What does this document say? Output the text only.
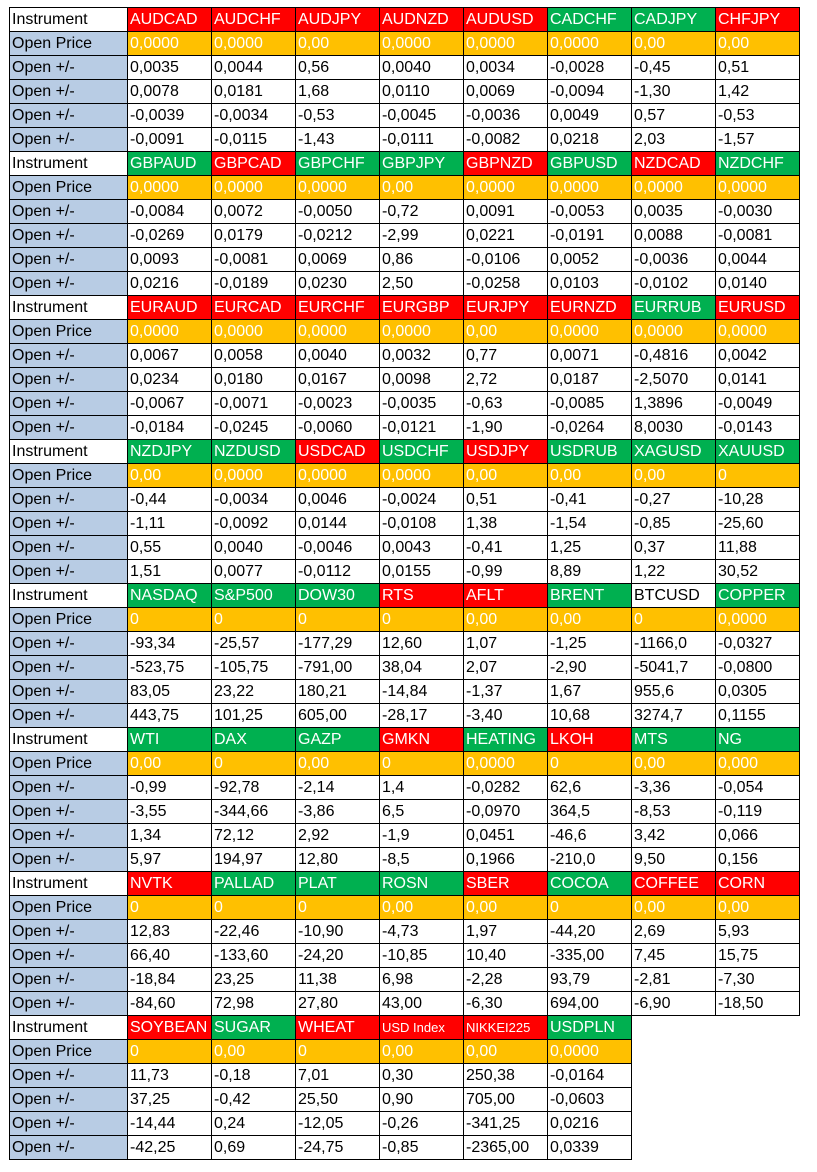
Instrument	AUDCAD	AUDCHF	AUDJPY	AUDNZD	AUDUSD	CADCHF	CADJPY	CHFJPY
Open Price	0,0000	0,0000	0,00	0,0000	0,0000	0,0000	0,00	0,00
Open +/-	0,0035	0,0044	0,56	0,0040	0,0034	-0,0028	-0,45	0,51
Open +/-	0,0078	0,0181	1,68	0,0110	0,0069	-0,0094	-1,30	1,42
Open +/-	-0,0039	-0,0034	-0,53	-0,0045	-0,0036	0,0049	0,57	-0,53
Open +/-	-0,0091	-0,0115	-1,43	-0,0111	-0,0082	0,0218	2,03	-1,57
Instrument	GBPAUD	GBPCAD	GBPCHF	GBPJPY	GBPNZD	GBPUSD	NZDCAD	NZDCHF
Open Price	0,0000	0,0000	0,0000	0,00	0,0000	0,0000	0,0000	0,0000
Open +/-	-0,0084	0,0072	-0,0050	-0,72	0,0091	-0,0053	0,0035	-0,0030
Open +/-	-0,0269	0,0179	-0,0212	-2,99	0,0221	-0,0191	0,0088	-0,0081
Open +/-	0,0093	-0,0081	0,0069	0,86	-0,0106	0,0052	-0,0036	0,0044
Open +/-	0,0216	-0,0189	0,0230	2,50	-0,0258	0,0103	-0,0102	0,0140
Instrument	EURAUD	EURCAD	EURCHF	EURGBP	EURJPY	EURNZD	EURRUB	EURUSD
Open Price	0,0000	0,0000	0,0000	0,0000	0,00	0,0000	0,0000	0,0000
Open +/-	0,0067	0,0058	0,0040	0,0032	0,77	0,0071	-0,4816	0,0042
Open +/-	0,0234	0,0180	0,0167	0,0098	2,72	0,0187	-2,5070	0,0141
Open +/-	-0,0067	-0,0071	-0,0023	-0,0035	-0,63	-0,0085	1,3896	-0,0049
Open +/-	-0,0184	-0,0245	-0,0060	-0,0121	-1,90	-0,0264	8,0030	-0,0143
Instrument	NZDJPY	NZDUSD	USDCAD	USDCHF	USDJPY	USDRUB	XAGUSD	XAUUSD
Open Price	0,00	0,0000	0,0000	0,0000	0,00	0,00	0,00	0
Open +/-	-0,44	-0,0034	0,0046	-0,0024	0,51	-0,41	-0,27	-10,28
Open +/-	-1,11	-0,0092	0,0144	-0,0108	1,38	-1,54	-0,85	-25,60
Open +/-	0,55	0,0040	-0,0046	0,0043	-0,41	1,25	0,37	11,88
Open +/-	1,51	0,0077	-0,0112	0,0155	-0,99	8,89	1,22	30,52
Instrument	NASDAQ	S&P500	DOW30	RTS	AFLT	BRENT	BTCUSD	COPPER
Open Price	0	0	0	0	0,00	0,00	0	0,0000
Open +/-	-93,34	-25,57	-177,29	12,60	1,07	-1,25	-1166,0	-0,0327
Open +/-	-523,75	-105,75	-791,00	38,04	2,07	-2,90	-5041,7	-0,0800
Open +/-	83,05	23,22	180,21	-14,84	-1,37	1,67	955,6	0,0305
Open +/-	443,75	101,25	605,00	-28,17	-3,40	10,68	3274,7	0,1155
Instrument	WTI	DAX	GAZP	GMKN	HEATING	LKOH	MTS	NG
Open Price	0,00	0	0,00	0	0,0000	0	0,00	0,000
Open +/-	-0,99	-92,78	-2,14	1,4	-0,0282	62,6	-3,36	-0,054
Open +/-	-3,55	-344,66	-3,86	6,5	-0,0970	364,5	-8,53	-0,119
Open +/-	1,34	72,12	2,92	-1,9	0,0451	-46,6	3,42	0,066
Open +/-	5,97	194,97	12,80	-8,5	0,1966	-210,0	9,50	0,156
Instrument	NVTK	PALLAD	PLAT	ROSN	SBER	COCOA	COFFEE	CORN
Open Price	0	0	0	0,00	0,00	0	0,00	0,00
Open +/-	12,83	-22,46	-10,90	-4,73	1,97	-44,20	2,69	5,93
Open +/-	66,40	-133,60	-24,20	-10,85	10,40	-335,00	7,45	15,75
Open +/-	-18,84	23,25	11,38	6,98	-2,28	93,79	-2,81	-7,30
Open +/-	-84,60	72,98	27,80	43,00	-6,30	694,00	-6,90	-18,50
Instrument	SOYBEAN	SUGAR	WHEAT	USD Index	NIKKEI225	USDPLN		
Open Price	0	0,00	0	0,00	0,00	0,0000		
Open +/-	11,73	-0,18	7,01	0,30	250,38	-0,0164		
Open +/-	37,25	-0,42	25,50	0,90	705,00	-0,0603		
Open +/-	-14,44	0,24	-12,05	-0,26	-341,25	0,0216		
Open +/-	-42,25	0,69	-24,75	-0,85	-2365,00	0,0339		
